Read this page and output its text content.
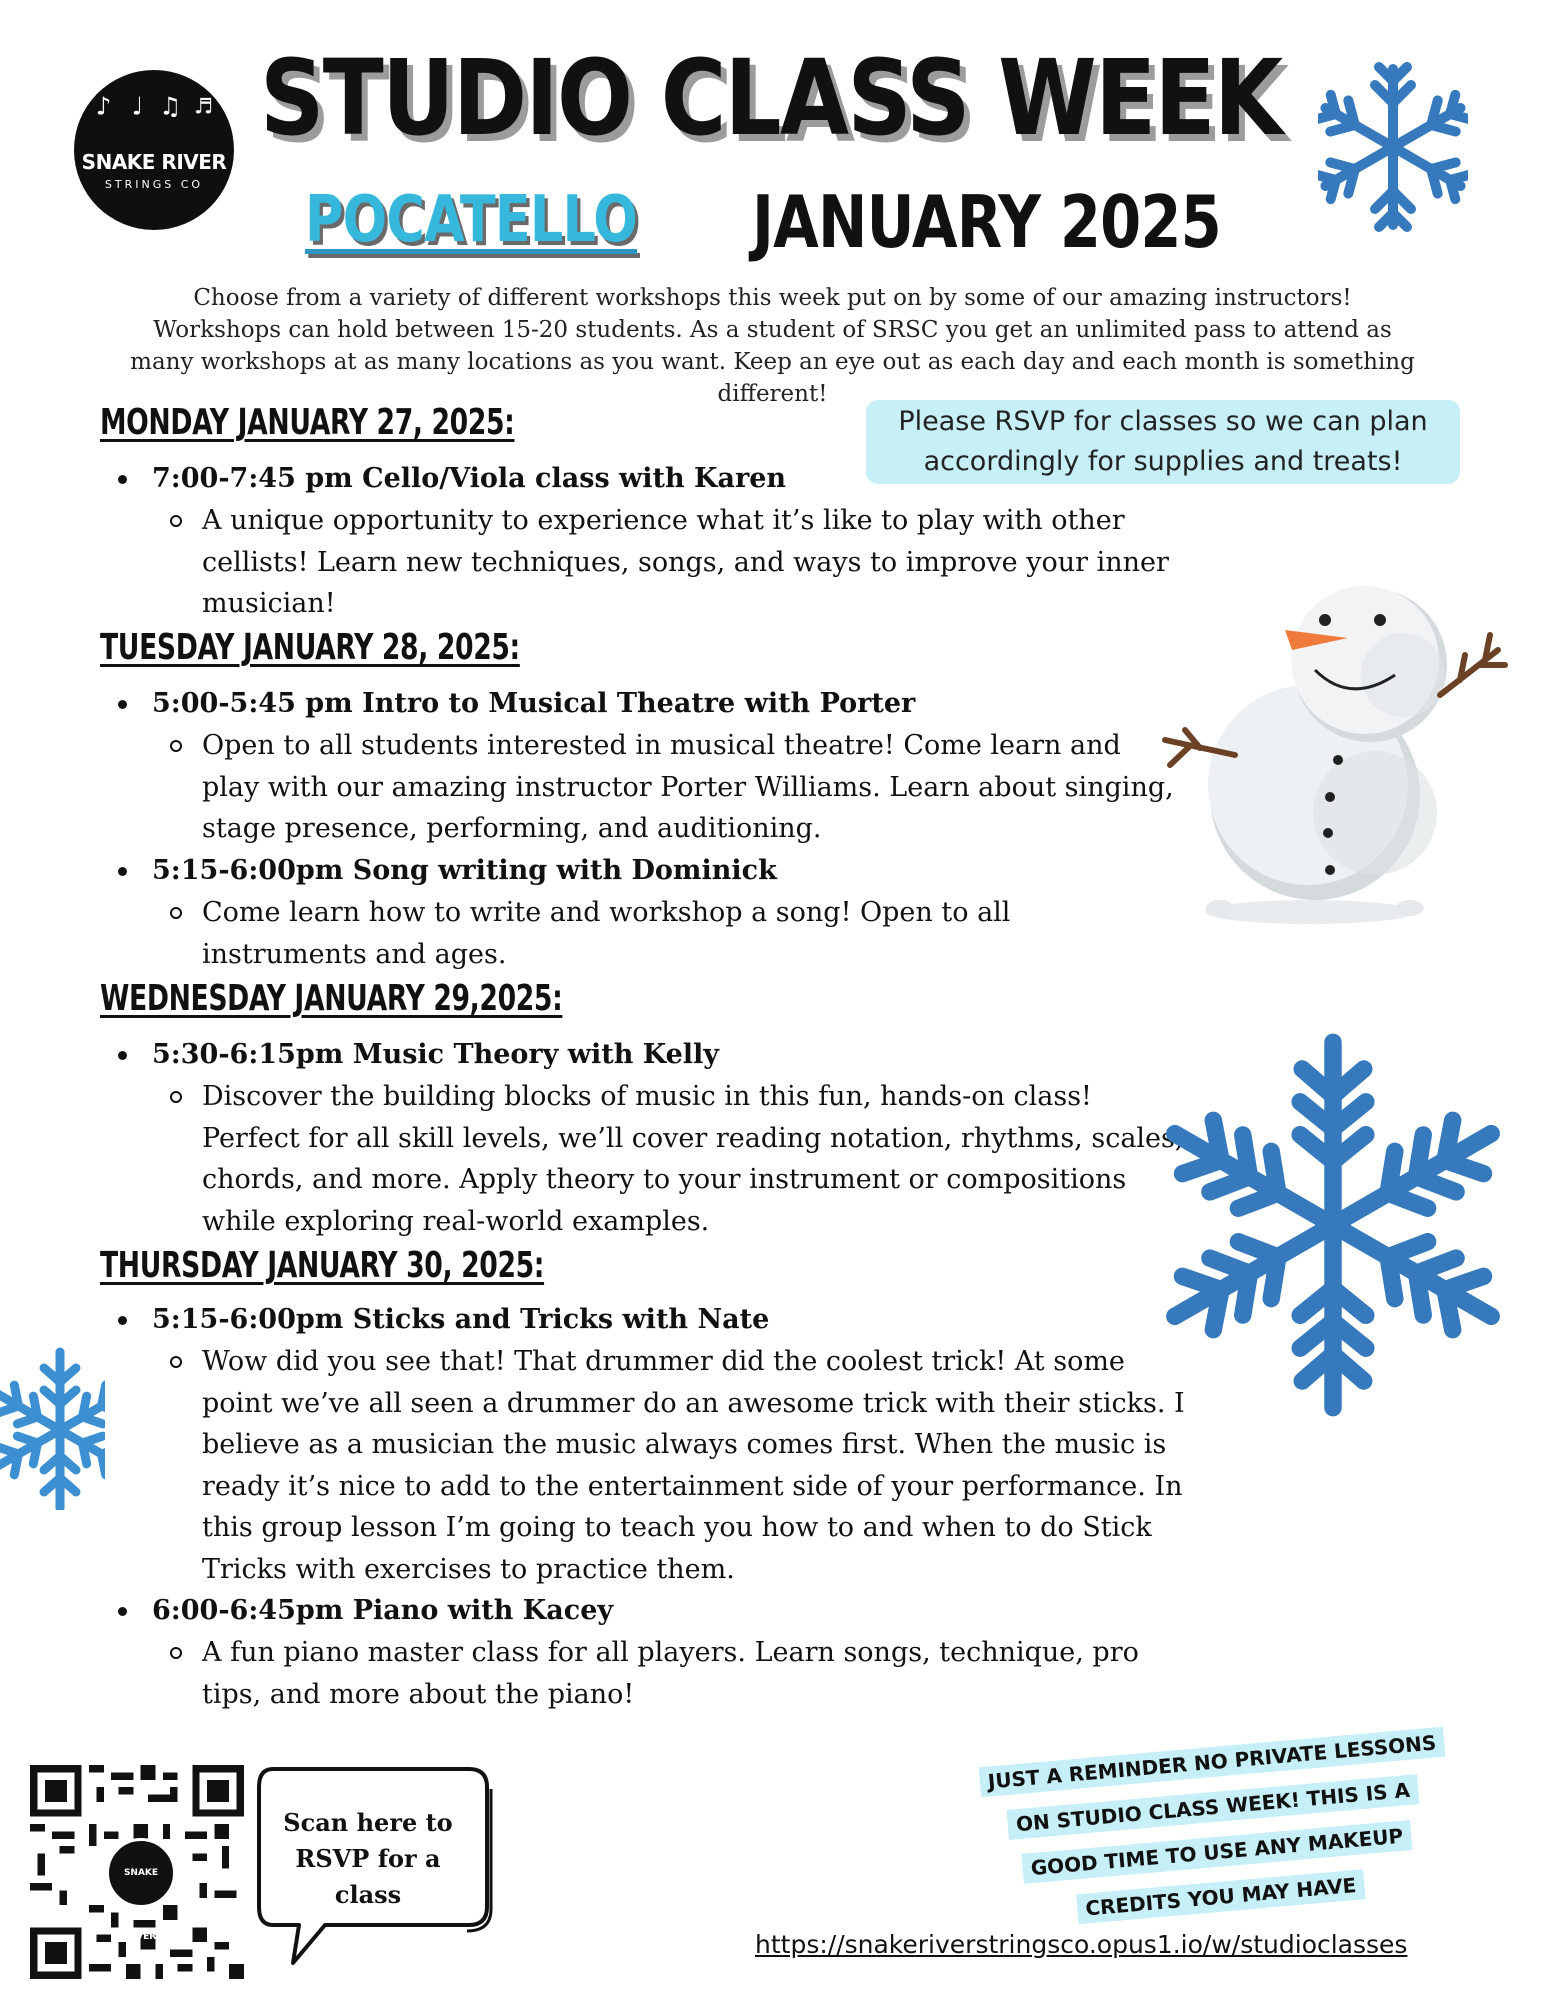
♪ ♩ ♫ ♬
SNAKE RIVER
STRINGS CO
STUDIO CLASS WEEK
POCATELLO JANUARY 2025
Choose from a variety of different workshops this week put on by some of our amazing instructors! Workshops can hold between 15-20 students. As a student of SRSC you get an unlimited pass to attend as many workshops at as many locations as you want. Keep an eye out as each day and each month is something different!
Please RSVP for classes so we can plan accordingly for supplies and treats!
MONDAY JANUARY 27, 2025:
7:00-7:45 pm Cello/Viola class with Karen
A unique opportunity to experience what it’s like to play with other cellists! Learn new techniques, songs, and ways to improve your inner musician!
TUESDAY JANUARY 28, 2025:
5:00-5:45 pm Intro to Musical Theatre with Porter
Open to all students interested in musical theatre! Come learn and play with our amazing instructor Porter Williams. Learn about singing, stage presence, performing, and auditioning.
5:15-6:00pm Song writing with Dominick
Come learn how to write and workshop a song! Open to all instruments and ages.
WEDNESDAY JANUARY 29,2025:
5:30-6:15pm Music Theory with Kelly
Discover the building blocks of music in this fun, hands-on class! Perfect for all skill levels, we’ll cover reading notation, rhythms, scales, chords, and more. Apply theory to your instrument or compositions while exploring real-world examples.
THURSDAY JANUARY 30, 2025:
5:15-6:00pm Sticks and Tricks with Nate
Wow did you see that! That drummer did the coolest trick! At some point we’ve all seen a drummer do an awesome trick with their sticks. I believe as a musician the music always comes first. When the music is ready it’s nice to add to the entertainment side of your performance. In this group lesson I’m going to teach you how to and when to do Stick Tricks with exercises to practice them.
6:00-6:45pm Piano with Kacey
A fun piano master class for all players. Learn songs, technique, pro tips, and more about the piano!
SNAKE RIVER
Scan here to RSVP for a class
JUST A REMINDER NO PRIVATE LESSONS ON STUDIO CLASS WEEK! THIS IS A GOOD TIME TO USE ANY MAKEUP CREDITS YOU MAY HAVE
https://snakeriverstringsco.opus1.io/w/studioclasses
